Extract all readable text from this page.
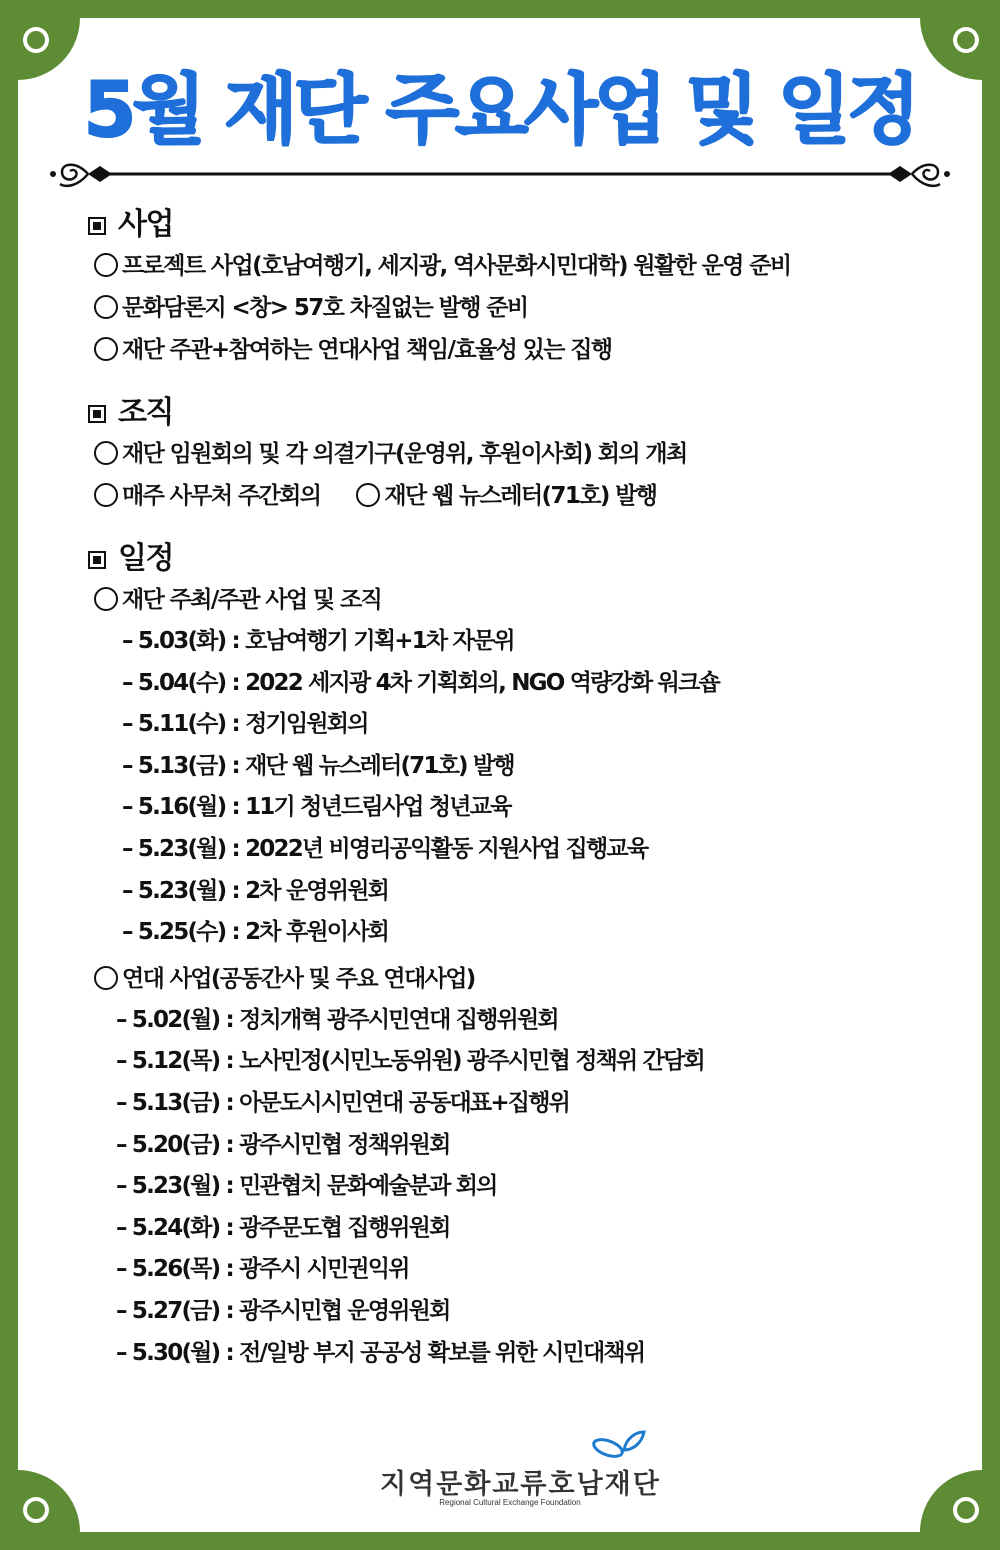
5월 재단 주요사업 및 일정
사업
프로젝트 사업(호남여행기, 세지광, 역사문화시민대학) 원활한 운영 준비
문화담론지 <창> 57호 차질없는 발행 준비
재단 주관+참여하는 연대사업 책임/효율성 있는 집행
조직
재단 임원회의 및 각 의결기구(운영위, 후원이사회) 회의 개최
매주 사무처 주간회의	재단 웹 뉴스레터(71호) 발행
일정
재단 주최/주관 사업 및 조직
– 5.03(화) : 호남여행기 기획+1차 자문위
– 5.04(수) : 2022 세지광 4차 기획회의, NGO 역량강화 워크숍
– 5.11(수) : 정기임원회의
– 5.13(금) : 재단 웹 뉴스레터(71호) 발행
– 5.16(월) : 11기 청년드림사업 청년교육
– 5.23(월) : 2022년 비영리공익활동 지원사업 집행교육
– 5.23(월) : 2차 운영위원회
– 5.25(수) : 2차 후원이사회
연대 사업(공동간사 및 주요 연대사업)
– 5.02(월) : 정치개혁 광주시민연대 집행위원회
– 5.12(목) : 노사민정(시민노동위원) 광주시민협 정책위 간담회
– 5.13(금) : 아문도시시민연대 공동대표+집행위
– 5.20(금) : 광주시민협 정책위원회
– 5.23(월) : 민관협치 문화예술분과 회의
– 5.24(화) : 광주문도협 집행위원회
– 5.26(목) : 광주시 시민권익위
– 5.27(금) : 광주시민협 운영위원회
– 5.30(월) : 전/일방 부지 공공성 확보를 위한 시민대책위
지역문화교류호남재단
Regional Cultural Exchange Foundation
